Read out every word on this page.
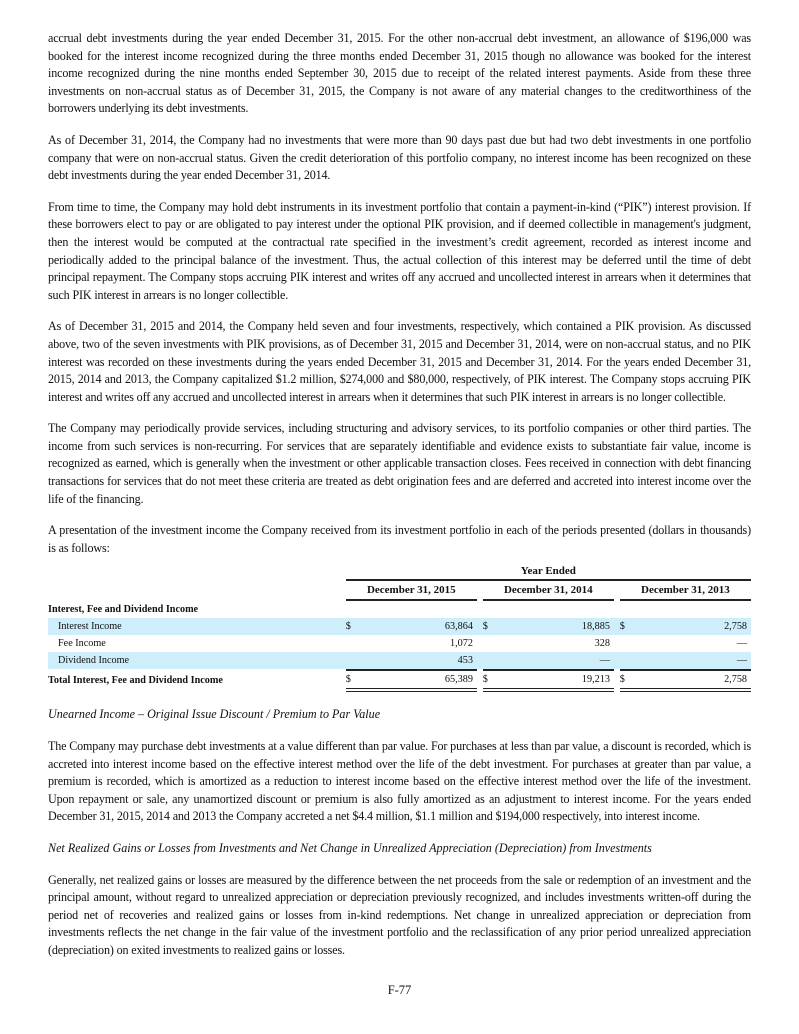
accrual debt investments during the year ended December 31, 2015. For the other non-accrual debt investment, an allowance of $196,000 was booked for the interest income recognized during the three months ended December 31, 2015 though no allowance was booked for the interest income recognized during the nine months ended September 30, 2015 due to receipt of the related interest payments. Aside from these three investments on non-accrual status as of December 31, 2015, the Company is not aware of any material changes to the creditworthiness of the borrowers underlying its debt investments.

As of December 31, 2014, the Company had no investments that were more than 90 days past due but had two debt investments in one portfolio company that were on non-accrual status. Given the credit deterioration of this portfolio company, no interest income has been recognized on these debt investments during the year ended December 31, 2014.

From time to time, the Company may hold debt instruments in its investment portfolio that contain a payment-in-kind (“PIK”) interest provision. If these borrowers elect to pay or are obligated to pay interest under the optional PIK provision, and if deemed collectible in management's judgment, then the interest would be computed at the contractual rate specified in the investment’s credit agreement, recorded as interest income and periodically added to the principal balance of the investment. Thus, the actual collection of this interest may be deferred until the time of debt principal repayment. The Company stops accruing PIK interest and writes off any accrued and uncollected interest in arrears when it determines that such PIK interest in arrears is no longer collectible.

As of December 31, 2015 and 2014, the Company held seven and four investments, respectively, which contained a PIK provision. As discussed above, two of the seven investments with PIK provisions, as of December 31, 2015 and December 31, 2014, were on non-accrual status, and no PIK interest was recorded on these investments during the years ended December 31, 2015 and December 31, 2014. For the years ended December 31, 2015, 2014 and 2013, the Company capitalized $1.2 million, $274,000 and $80,000, respectively, of PIK interest. The Company stops accruing PIK interest and writes off any accrued and uncollected interest in arrears when it determines that such PIK interest in arrears is no longer collectible.

The Company may periodically provide services, including structuring and advisory services, to its portfolio companies or other third parties. The income from such services is non-recurring. For services that are separately identifiable and evidence exists to substantiate fair value, income is recognized as earned, which is generally when the investment or other applicable transaction closes. Fees received in connection with debt financing transactions for services that do not meet these criteria are treated as debt origination fees and are deferred and accreted into interest income over the life of the financing.

A presentation of the investment income the Company received from its investment portfolio in each of the periods presented (dollars in thousands) is as follows:

	Year Ended							
	December 31, 2015			December 31, 2014			December 31, 2013	
Interest, Fee and Dividend Income								
Interest Income	$	63,864		$	18,885		$	2,758
Fee Income		1,072			328			—
Dividend Income		453			—			—
Total Interest, Fee and Dividend Income	$	65,389		$	19,213		$	2,758

Unearned Income – Original Issue Discount / Premium to Par Value

The Company may purchase debt investments at a value different than par value. For purchases at less than par value, a discount is recorded, which is accreted into interest income based on the effective interest method over the life of the debt investment. For purchases at greater than par value, a premium is recorded, which is amortized as a reduction to interest income based on the effective interest method over the life of the investment. Upon repayment or sale, any unamortized discount or premium is also fully amortized as an adjustment to interest income. For the years ended December 31, 2015, 2014 and 2013 the Company accreted a net $4.4 million, $1.1 million and $194,000 respectively, into interest income.

Net Realized Gains or Losses from Investments and Net Change in Unrealized Appreciation (Depreciation) from Investments

Generally, net realized gains or losses are measured by the difference between the net proceeds from the sale or redemption of an investment and the principal amount, without regard to unrealized appreciation or depreciation previously recognized, and includes investments written-off during the period net of recoveries and realized gains or losses from in-kind redemptions. Net change in unrealized appreciation or depreciation from investments reflects the net change in the fair value of the investment portfolio and the reclassification of any prior period unrealized appreciation (depreciation) on exited investments to realized gains or losses.

F-77
